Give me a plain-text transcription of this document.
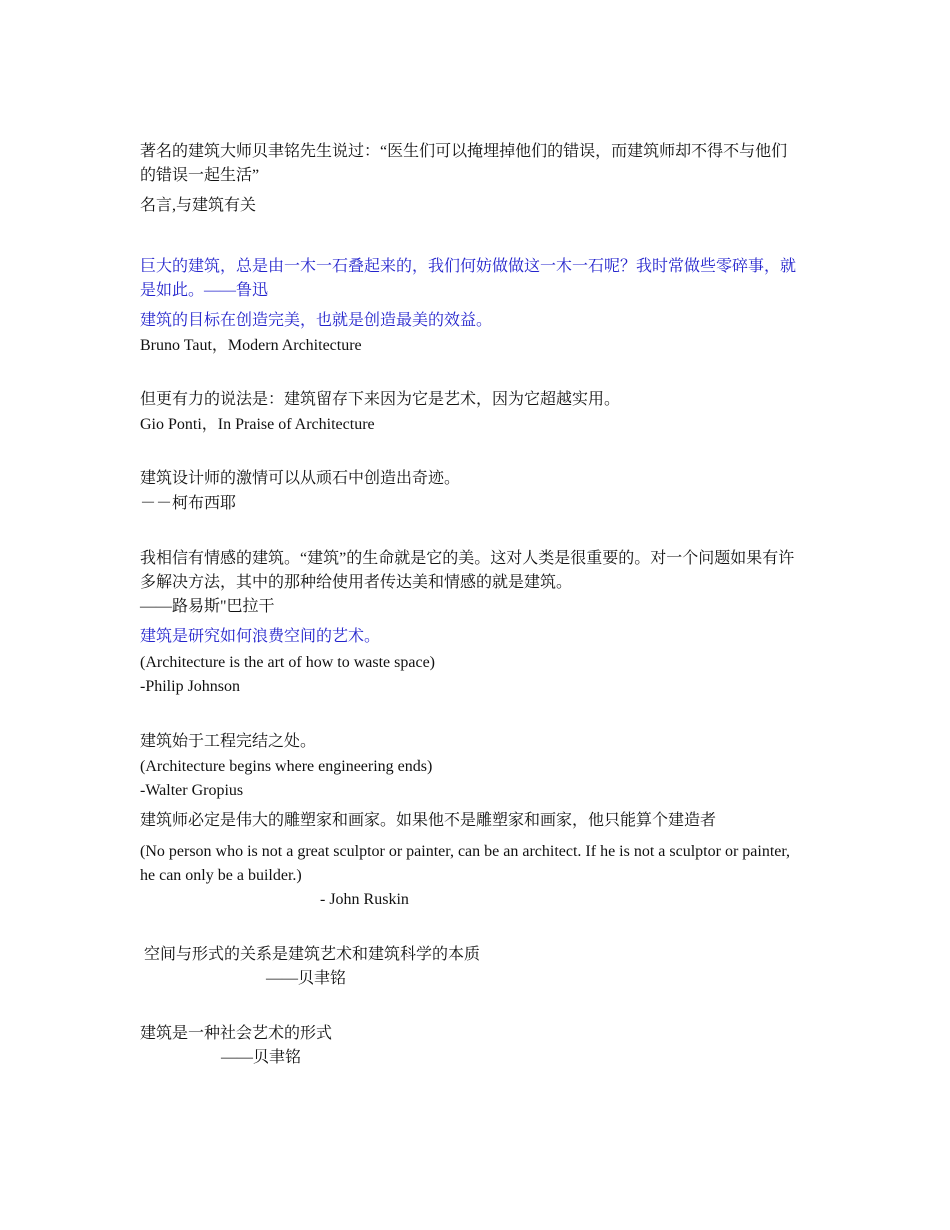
著名的建筑大师贝聿铭先生说过：“医生们可以掩埋掉他们的错误，而建筑师却不得不与他们
的错误一起生活”
名言,与建筑有关
巨大的建筑，总是由一木一石叠起来的，我们何妨做做这一木一石呢？我时常做些零碎事，就
是如此。——鲁迅
建筑的目标在创造完美，也就是创造最美的效益。
Bruno Taut，Modern Architecture
但更有力的说法是：建筑留存下来因为它是艺术，因为它超越实用。
Gio Ponti，In Praise of Architecture
建筑设计师的激情可以从顽石中创造出奇迹。
－－柯布西耶
我相信有情感的建筑。“建筑”的生命就是它的美。这对人类是很重要的。对一个问题如果有许
多解决方法，其中的那种给使用者传达美和情感的就是建筑。
——路易斯"巴拉干
建筑是研究如何浪费空间的艺术。
(Architecture is the art of how to waste space)
-Philip Johnson
建筑始于工程完结之处。
(Architecture begins where engineering ends)
-Walter Gropius
建筑师必定是伟大的雕塑家和画家。如果他不是雕塑家和画家，他只能算个建造者
(No person who is not a great sculptor or painter, can be an architect. If he is not a sculptor or painter,
he can only be a builder.)
- John Ruskin
空间与形式的关系是建筑艺术和建筑科学的本质
——贝聿铭
建筑是一种社会艺术的形式
——贝聿铭
